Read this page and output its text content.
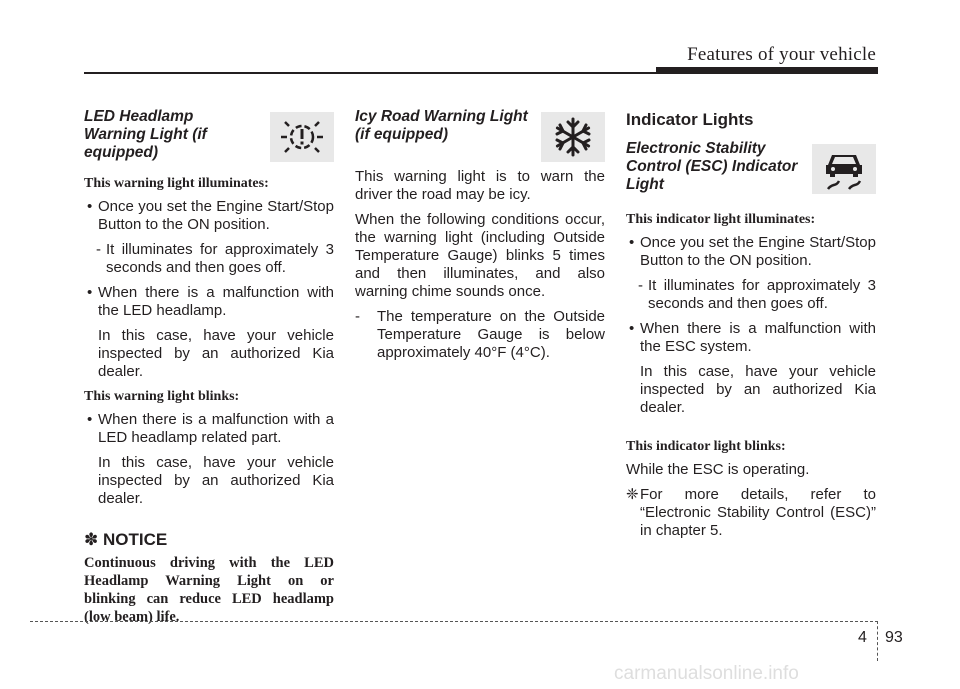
Features of your vehicle

LED Headlamp Warning Light (if equipped)

This warning light illuminates:

• Once you set the Engine Start/Stop Button to the ON position.

- It illuminates for approximately 3 seconds and then goes off.

• When there is a malfunction with the LED headlamp.

In this case, have your vehicle inspected by an authorized Kia dealer.

This warning light blinks:

• When there is a malfunction with a LED headlamp related part.

In this case, have your vehicle inspected by an authorized Kia dealer.

✽ NOTICE

Continuous driving with the LED Headlamp Warning Light on or blinking can reduce LED headlamp (low beam) life.

Icy Road Warning Light (if equipped)

This warning light is to warn the driver the road may be icy.

When the following conditions occur, the warning light (including Outside Temperature Gauge) blinks 5 times and then illuminates, and also warning chime sounds once.

- The temperature on the Outside Temperature Gauge is below approximately 40°F (4°C).

Indicator Lights

Electronic Stability Control (ESC) Indicator Light

This indicator light illuminates:

• Once you set the Engine Start/Stop Button to the ON position.

- It illuminates for approximately 3 seconds and then goes off.

• When there is a malfunction with the ESC system.

In this case, have your vehicle inspected by an authorized Kia dealer.

This indicator light blinks:

While the ESC is operating.

❈ For more details, refer to “Electronic Stability Control (ESC)” in chapter 5.

4 93
carmanualsonline.info
